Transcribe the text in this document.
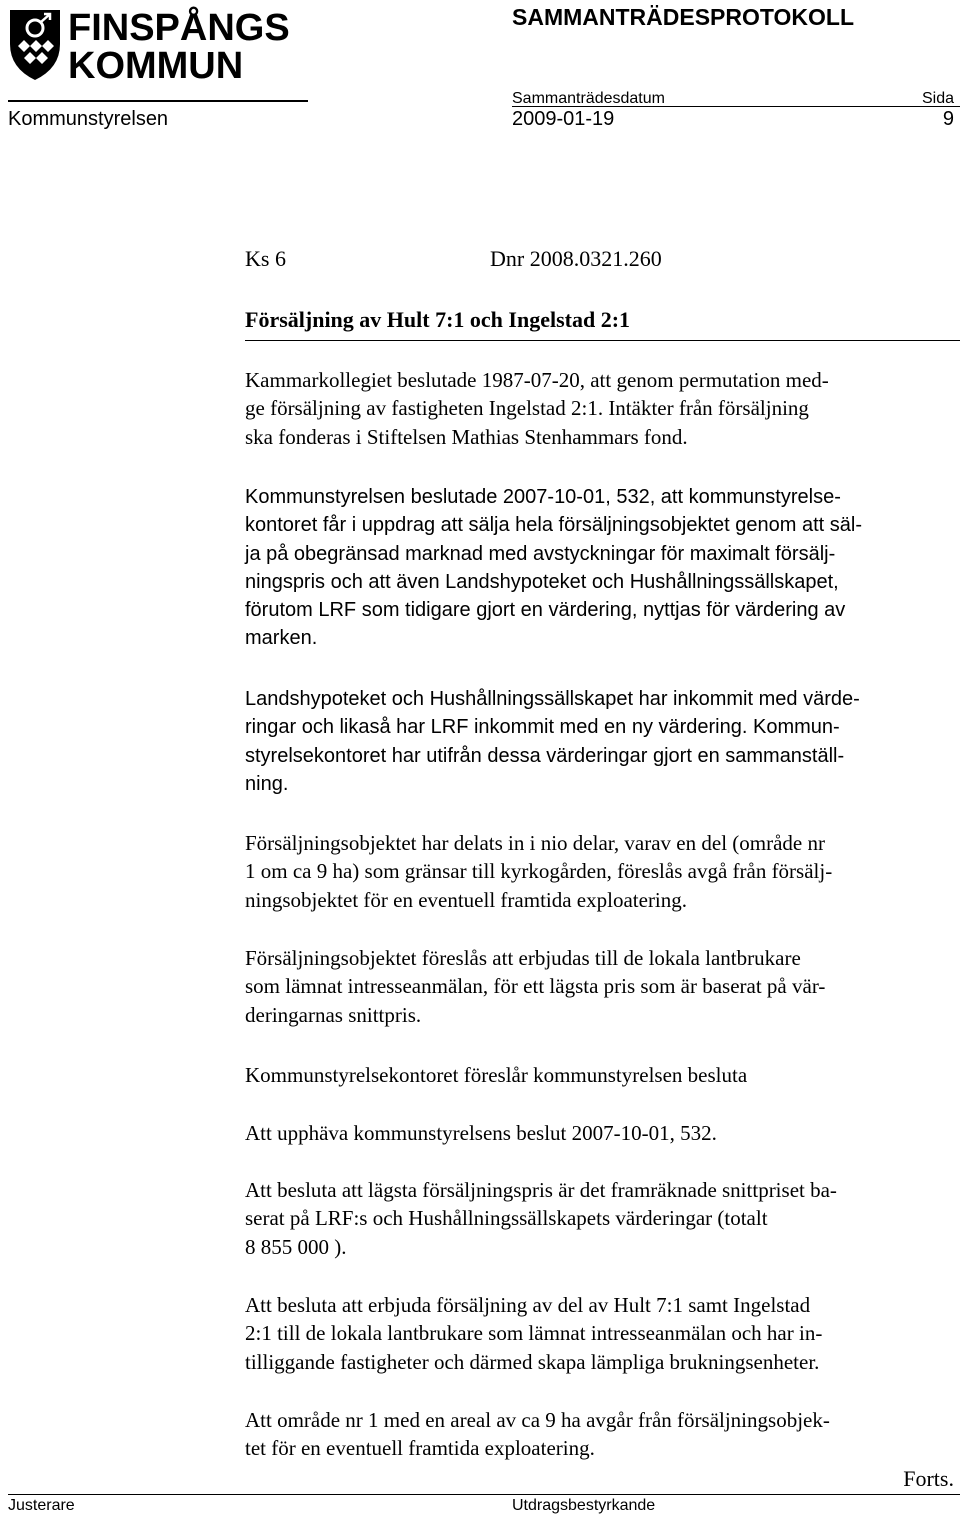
FINSPÅNGS
KOMMUN
SAMMANTRÄDESPROTOKOLL
Sammanträdesdatum	Sida
Kommunstyrelsen	2009-01-19	9
Ks 6	Dnr 2008.0321.260
Försäljning av Hult 7:1 och Ingelstad 2:1
Kammarkollegiet beslutade 1987-07-20, att genom permutation med-
ge försäljning av fastigheten Ingelstad 2:1. Intäkter från försäljning
ska fonderas i Stiftelsen Mathias Stenhammars fond.
Kommunstyrelsen beslutade 2007-10-01, 532, att kommunstyrelse-
kontoret får i uppdrag att sälja hela försäljningsobjektet genom att säl-
ja på obegränsad marknad med avstyckningar för maximalt försälj-
ningspris och att även Landshypoteket och Hushållningssällskapet,
förutom LRF som tidigare gjort en värdering, nyttjas för värdering av
marken.
Landshypoteket och Hushållningssällskapet har inkommit med värde-
ringar och likaså har LRF inkommit med en ny värdering. Kommun-
styrelsekontoret har utifrån dessa värderingar gjort en sammanställ-
ning.
Försäljningsobjektet har delats in i nio delar, varav en del (område nr
1 om ca 9 ha) som gränsar till kyrkogården, föreslås avgå från försälj-
ningsobjektet för en eventuell framtida exploatering.
Försäljningsobjektet föreslås att erbjudas till de lokala lantbrukare
som lämnat intresseanmälan, för ett lägsta pris som är baserat på vär-
deringarnas snittpris.
Kommunstyrelsekontoret föreslår kommunstyrelsen besluta
Att upphäva kommunstyrelsens beslut 2007-10-01, 532.
Att besluta att lägsta försäljningspris är det framräknade snittpriset ba-
serat på LRF:s och Hushållningssällskapets värderingar (totalt
8 855 000 ).
Att besluta att erbjuda försäljning av del av Hult 7:1 samt Ingelstad
2:1 till de lokala lantbrukare som lämnat intresseanmälan och har in-
tilliggande fastigheter och därmed skapa lämpliga brukningsenheter.
Att område nr 1 med en areal av ca 9 ha avgår från försäljningsobjek-
tet för en eventuell framtida exploatering.
Forts.
Justerare	Utdragsbestyrkande
